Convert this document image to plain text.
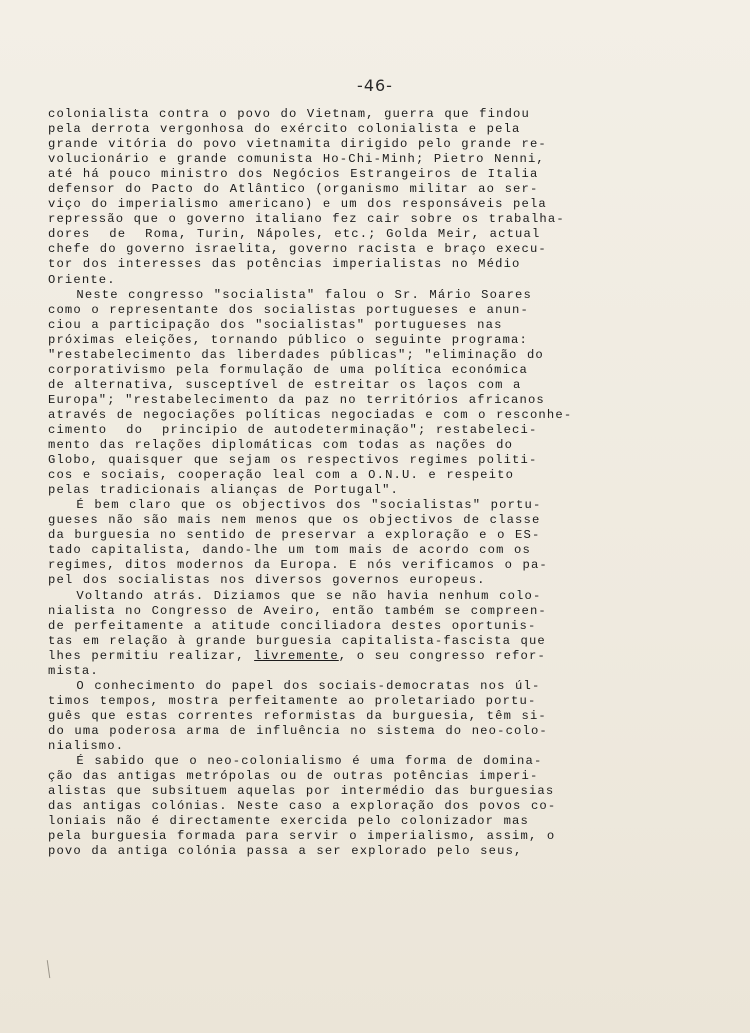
-46-
colonialista contra o povo do Vietnam, guerra que findou
pela derrota vergonhosa do exército colonialista e pela
grande vitória do povo vietnamita dirigido pelo grande re-
volucionário e grande comunista Ho-Chi-Minh; Pietro Nenni,
até há pouco ministro dos Negócios Estrangeiros de Italia
defensor do Pacto do Atlântico (organismo militar ao ser-
viço do imperialismo americano) e um dos responsáveis pela
repressão que o governo italiano fez cair sobre os trabalha-
dores  de  Roma, Turin, Nápoles, etc.; Golda Meir, actual
chefe do governo israelita, governo racista e braço execu-
tor dos interesses das potências imperialistas no Médio
Oriente.
Neste congresso "socialista" falou o Sr. Mário Soares
como o representante dos socialistas portugueses e anun-
ciou a participação dos "socialistas" portugueses nas
próximas eleições, tornando público o seguinte programa:
"restabelecimento das liberdades públicas"; "eliminação do
corporativismo pela formulação de uma política económica
de alternativa, susceptível de estreitar os laços com a
Europa"; "restabelecimento da paz no territórios africanos
através de negociações políticas negociadas e com o resconhe-
cimento  do  principio de autodeterminação"; restabeleci-
mento das relações diplomáticas com todas as nações do
Globo, quaisquer que sejam os respectivos regimes politi-
cos e sociais, cooperação leal com a O.N.U. e respeito
pelas tradicionais alianças de Portugal".
É bem claro que os objectivos dos "socialistas" portu-
gueses não são mais nem menos que os objectivos de classe
da burguesia no sentido de preservar a exploração e o ES-
tado capitalista, dando-lhe um tom mais de acordo com os
regimes, ditos modernos da Europa. E nós verificamos o pa-
pel dos socialistas nos diversos governos europeus.
Voltando atrás. Diziamos que se não havia nenhum colo-
nialista no Congresso de Aveiro, então também se compreen-
de perfeitamente a atitude conciliadora destes oportunis-
tas em relação à grande burguesia capitalista-fascista que
lhes permitiu realizar, livremente, o seu congresso refor-
mista.
O conhecimento do papel dos sociais-democratas nos úl-
timos tempos, mostra perfeitamente ao proletariado portu-
guês que estas correntes reformistas da burguesia, têm si-
do uma poderosa arma de influência no sistema do neo-colo-
nialismo.
É sabido que o neo-colonialismo é uma forma de domina-
ção das antigas metrópolas ou de outras potências imperi-
alistas que subsituem aquelas por intermédio das burguesias
das antigas colónias. Neste caso a exploração dos povos co-
loniais não é directamente exercida pelo colonizador mas
pela burguesia formada para servir o imperialismo, assim, o
povo da antiga colónia passa a ser explorado pelo seus,
